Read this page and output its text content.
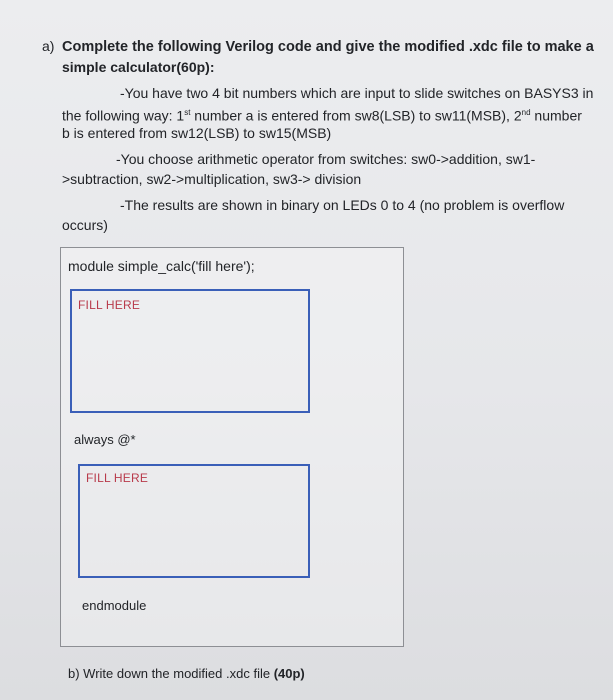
a) Complete the following Verilog code and give the modified .xdc file to make a
simple calculator(60p):
-You have two 4 bit numbers which are input to slide switches on BASYS3 in
the following way: 1st number a is entered from sw8(LSB) to sw11(MSB), 2nd number
b is entered from sw12(LSB) to sw15(MSB)
-You choose arithmetic operator from switches: sw0->addition, sw1-
>subtraction, sw2->multiplication, sw3-> division
-The results are shown in binary on LEDs 0 to 4 (no problem is overflow
occurs)
module simple_calc('fill here');
FILL HERE
always @*
FILL HERE
endmodule
b) Write down the modified .xdc file (40p)
